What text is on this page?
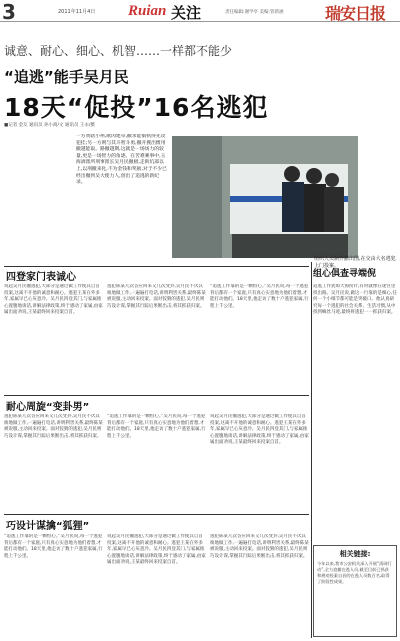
3	2011年11月4日 Ruian 关注	责任编辑:谢学亭 美编:管新涵	瑞安日报
诚意、耐心、细心、机智……一样都不能少
“追逃”能手吴月民
18天“促投”16名逃犯
■记者 金友 通讯员 孙小商/文 通讯员 王永/摄
一方黄辖小州,歌肉建卓,撤求能搞执得先攻犯挂;另一方则与其斗智斗勇,撤开搜出惯用撤越能取。路撤越期,这就是一场场力的较量,更是一场智力的角逐。在苦难乘事中,玉海酒派所刑事派长吴月民撤极,走街坑部以上,以刑撤来化,不为金钱和奖励,对于不少已经出撤到吴大使力人,创出了追逃的新纪录。
组织人员制作撤出图,在交由大名逃犯上门投案。
四登家门表诚心
说起吴月民撤逃犯,大部分是通过做工作使其自首投案,这离不开他的诚意和耐心。逃犯王某在外多年,家属早已心灰意冷。吴月民四登其门,与家属推心置腹地谈话,讲解法律政策,终于感动了家属,由家属出面劝说,王某最终回来投案自首。
逃犯陈某几次答应回来又几次变卦,吴月民不厌其烦地做工作,一遍遍打电话,讲明利害关系,最终陈某被说服,主动回来投案。面对狡猾的逃犯,吴月民则巧设计谋,掌握其行踪后果断出击,将其抓获归案。
“追逃工作靠的是一颗恒心。”吴月民说,每一个逃犯背后都有一个家庭,只有真心实意地为他们着想,才能打动他们。18天里,他走访了数十户逃犯家属,行程上千公里。
耐心周旋“变卦男”
逃犯陈某几次答应回来又几次变卦,吴月民不厌其烦地做工作,一遍遍打电话,讲明利害关系,最终陈某被说服,主动回来投案。面对狡猾的逃犯,吴月民则巧设计谋,掌握其行踪后果断出击,将其抓获归案。
“追逃工作靠的是一颗恒心。”吴月民说,每一个逃犯背后都有一个家庭,只有真心实意地为他们着想,才能打动他们。18天里,他走访了数十户逃犯家属,行程上千公里。
说起吴月民撤逃犯,大部分是通过做工作使其自首投案,这离不开他的诚意和耐心。逃犯王某在外多年,家属早已心灰意冷。吴月民四登其门,与家属推心置腹地谈话,讲解法律政策,终于感动了家属,由家属出面劝说,王某最终回来投案自首。
巧设计谋擒“狐狸”
“追逃工作靠的是一颗恒心。”吴月民说,每一个逃犯背后都有一个家庭,只有真心实意地为他们着想,才能打动他们。18天里,他走访了数十户逃犯家属,行程上千公里。
说起吴月民撤逃犯,大部分是通过做工作使其自首投案,这离不开他的诚意和耐心。逃犯王某在外多年,家属早已心灰意冷。吴月民四登其门,与家属推心置腹地谈话,讲解法律政策,终于感动了家属,由家属出面劝说,王某最终回来投案自首。
逃犯陈某几次答应回来又几次变卦,吴月民不厌其烦地做工作,一遍遍打电话,讲明利害关系,最终陈某被说服,主动回来投案。面对狡猾的逃犯,吴月民则巧设计谋,掌握其行踪后果断出击,将其抓获归案。
组心俱查寻端倪
追逃工作犹如大海捞针,有时就像在迷宫里找出路。吴月民说,做这一行靠的是细心,任何一个小细节都可能是突破口。他认真研究每一个逃犯的社会关系、生活习惯,从中找到蛛丝马迹,最终将逃犯一一抓获归案。
相关链接:
今年以来,我市公安机关深入开展“清网行动”,全力追捕在逃人员,截至目前已抓获和规劝投案自首的在逃人员数百名,取得了阶段性成果。
